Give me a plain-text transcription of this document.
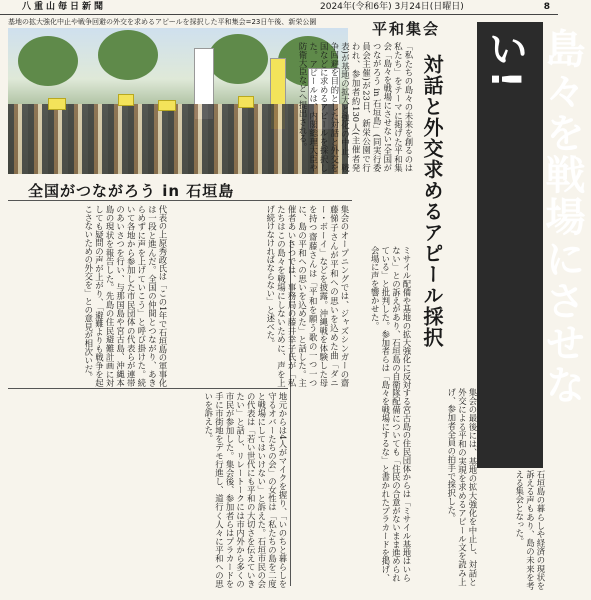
八重山毎日新聞	2024年(令和6年) 3月24日(日曜日)	8
基地の拡大強化中止や戦争回避の外交を求めるアピールを採択した平和集会=23日午後、新栄公園
全国がつながろう in 石垣島
平和集会	島々を戦場にさせない!
対話と外交求めるアピール採択
「私たちの島々の未来を創るのは私たち」をテーマに掲げた平和集会「島々を戦場にさせない!全国がつながろう in 石垣島」(同実行委員会主催)が23日、新栄公園で行われ、参加者約130人(主催者発表)が基地の拡大と強化の中止、戦争回避を目的とした対話と外交を国などに求めるアピールを採択した。アピールは、内閣総理大臣や防衛大臣などへ提出される。
集会のオープニングでは、ジャズシンガーの齋藤悌子さんが平和への思いを込めた曲「ダニー・ボーイ」などを披露。沖縄戦を体験した母を持つ齋藤さんは「平和を願う歌の一つ一つに、島の平和への思いを込めた」と話した。主催者あいさつでは、事務局の藤井幸子氏が「私たちはこの島々を戦場にしないために、声を上げ続けなければならない」と述べた。
代表の上原秀政氏は「この1年で石垣島の軍事化は一段と進んだ。全国の仲間とつながり、あきらめずに声を上げていこう」と呼び掛けた。続いて各地から参加した市民団体の代表らが連帯のあいさつを行い、与那国島や宮古島、沖縄本島の現状を報告した。先島の住民避難計画に対しても疑問の声が上がり、「避難よりも戦争を起こさないための外交を」との意見が相次いだ。	ミサイル配備や基地の拡大強化に反対する宮古島の住民団体からは「ミサイル基地はいらない」との訴えがあり、石垣島の自衛隊配備についても「住民の合意がないまま進められている」と批判した。参加者らは「島々を戦場にするな」と書かれたプラカードを掲げ、会場に声を響かせた。
集会の最後には、基地の拡大強化を中止し、対話と外交による平和の実現を求めるアピール文を読み上げ、参加者全員の拍手で採択した。
石垣島の暮らしや経済の現状を訴える声もあり、島の未来を考える集会となった。
地元からは4人がマイクを握り、「いのちと暮らしを守るオバーたちの会」の女性は「私たちの島を二度と戦場にしてはいけない」と訴えた。石垣市民の会の代表は「若い世代にも平和の大切さを伝えていきたい」と話し、リレートークには市内外から多くの市民が参加した。集会後、参加者らはプラカードを手に市街地をデモ行進し、道行く人々に平和への思いを訴えた。
